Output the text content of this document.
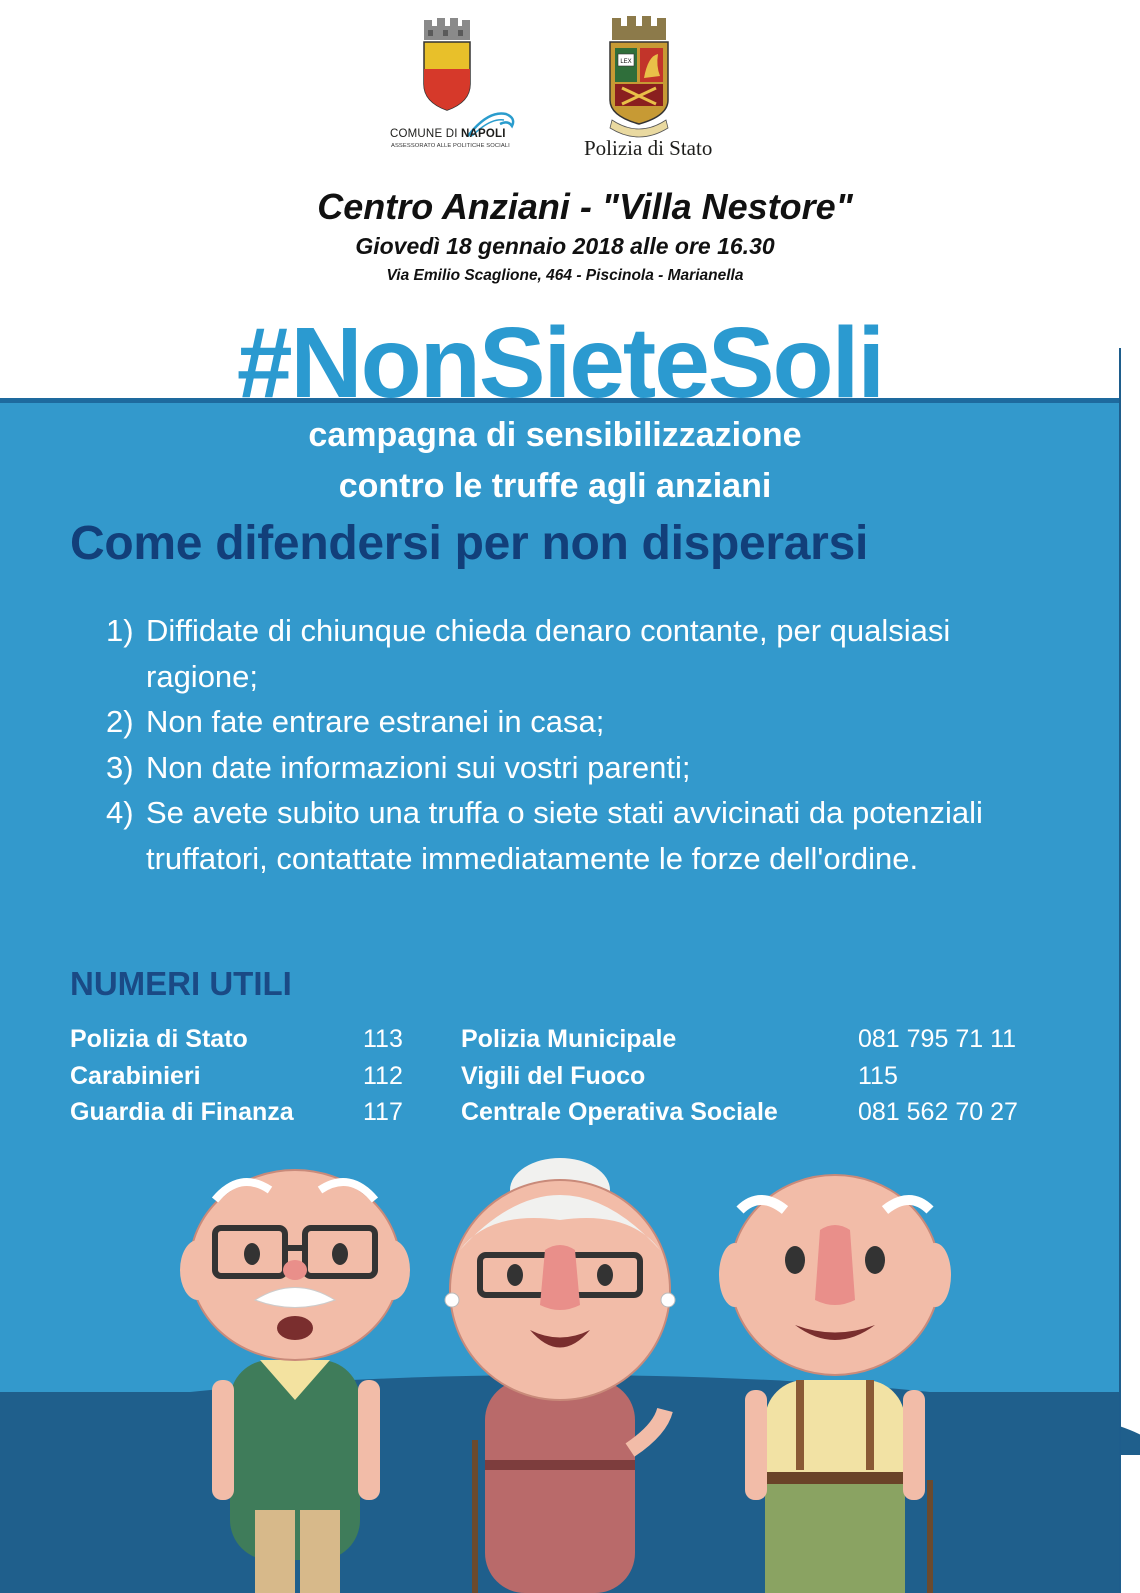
COMUNE DI NAPOLI
ASSESSORATO ALLE POLITICHE SOCIALI
LEX
Polizia di Stato
Centro Anziani - "Villa Nestore"
Giovedì 18 gennaio 2018 alle ore 16.30
Via Emilio Scaglione, 464 - Piscinola - Marianella
#NonSieteSoli
campagna di sensibilizzazione
contro le truffe agli anziani
Come difendersi per non disperarsi
1) Diffidate di chiunque chieda denaro contante, per qualsiasi ragione;
2) Non fate entrare estranei in casa;
3) Non date informazioni sui vostri parenti;
4) Se avete subito una truffa o siete stati avvicinati da potenziali truffatori, contattate immediatamente le forze dell'ordine.
NUMERI UTILI
Polizia di Stato	113 Polizia Municipale	081 795 71 11
Carabinieri	112 Vigili del Fuoco	115
Guardia di Finanza	117 Centrale Operativa Sociale	081 562 70 27
